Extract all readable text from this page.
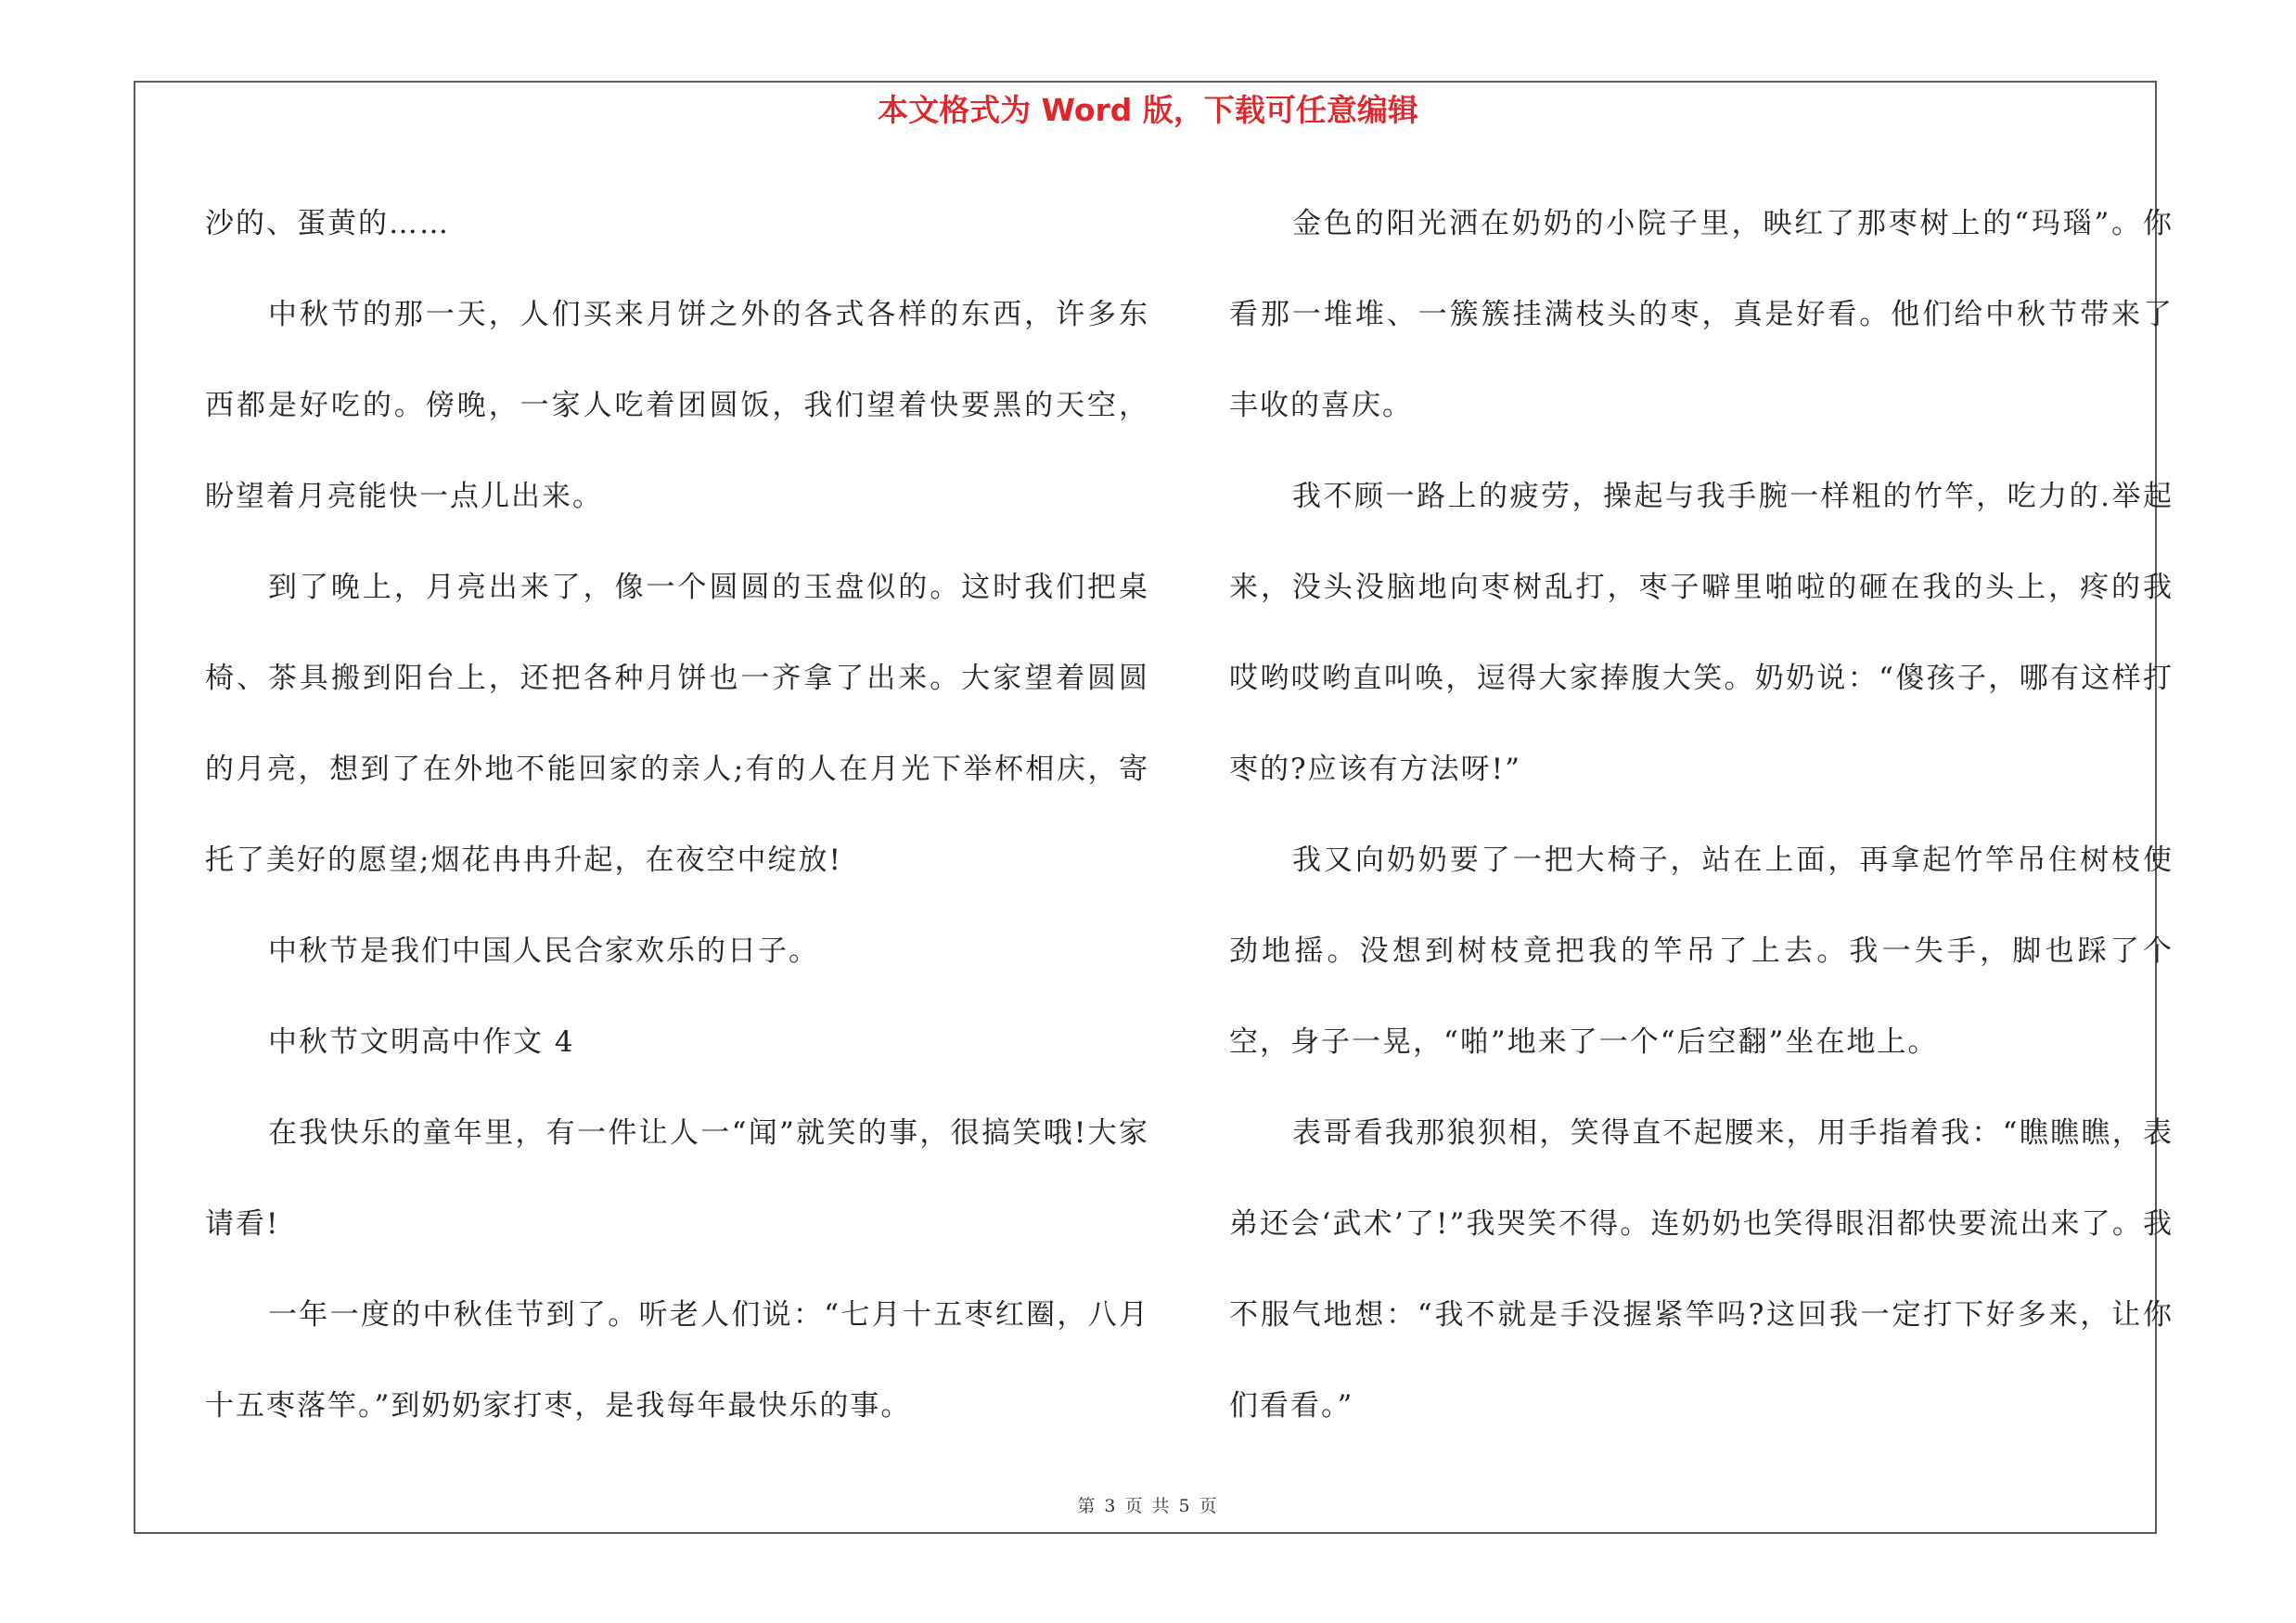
本文格式为 Word 版，下载可任意编辑

沙的、蛋黄的……

中秋节的那一天，人们买来月饼之外的各式各样的东西，许多东西都是好吃的。傍晚，一家人吃着团圆饭，我们望着快要黑的天空，盼望着月亮能快一点儿出来。

到了晚上，月亮出来了，像一个圆圆的玉盘似的。这时我们把桌椅、茶具搬到阳台上，还把各种月饼也一齐拿了出来。大家望着圆圆的月亮，想到了在外地不能回家的亲人;有的人在月光下举杯相庆，寄托了美好的愿望;烟花冉冉升起，在夜空中绽放!

中秋节是我们中国人民合家欢乐的日子。

中秋节文明高中作文 4

在我快乐的童年里，有一件让人一“闻”就笑的事，很搞笑哦!大家请看!

一年一度的中秋佳节到了。听老人们说：“七月十五枣红圈，八月十五枣落竿。”到奶奶家打枣，是我每年最快乐的事。

金色的阳光洒在奶奶的小院子里，映红了那枣树上的“玛瑙”。你看那一堆堆、一簇簇挂满枝头的枣，真是好看。他们给中秋节带来了丰收的喜庆。

我不顾一路上的疲劳，操起与我手腕一样粗的竹竿，吃力的.举起来，没头没脑地向枣树乱打，枣子噼里啪啦的砸在我的头上，疼的我哎哟哎哟直叫唤，逗得大家捧腹大笑。奶奶说：“傻孩子，哪有这样打枣的?应该有方法呀!”

我又向奶奶要了一把大椅子，站在上面，再拿起竹竿吊住树枝使劲地摇。没想到树枝竟把我的竿吊了上去。我一失手，脚也踩了个空，身子一晃，“啪”地来了一个“后空翻”坐在地上。

表哥看我那狼狈相，笑得直不起腰来，用手指着我：“瞧瞧瞧，表弟还会‘武术’了!”我哭笑不得。连奶奶也笑得眼泪都快要流出来了。我不服气地想：“我不就是手没握紧竿吗?这回我一定打下好多来，让你们看看。”

第 3 页 共 5 页
